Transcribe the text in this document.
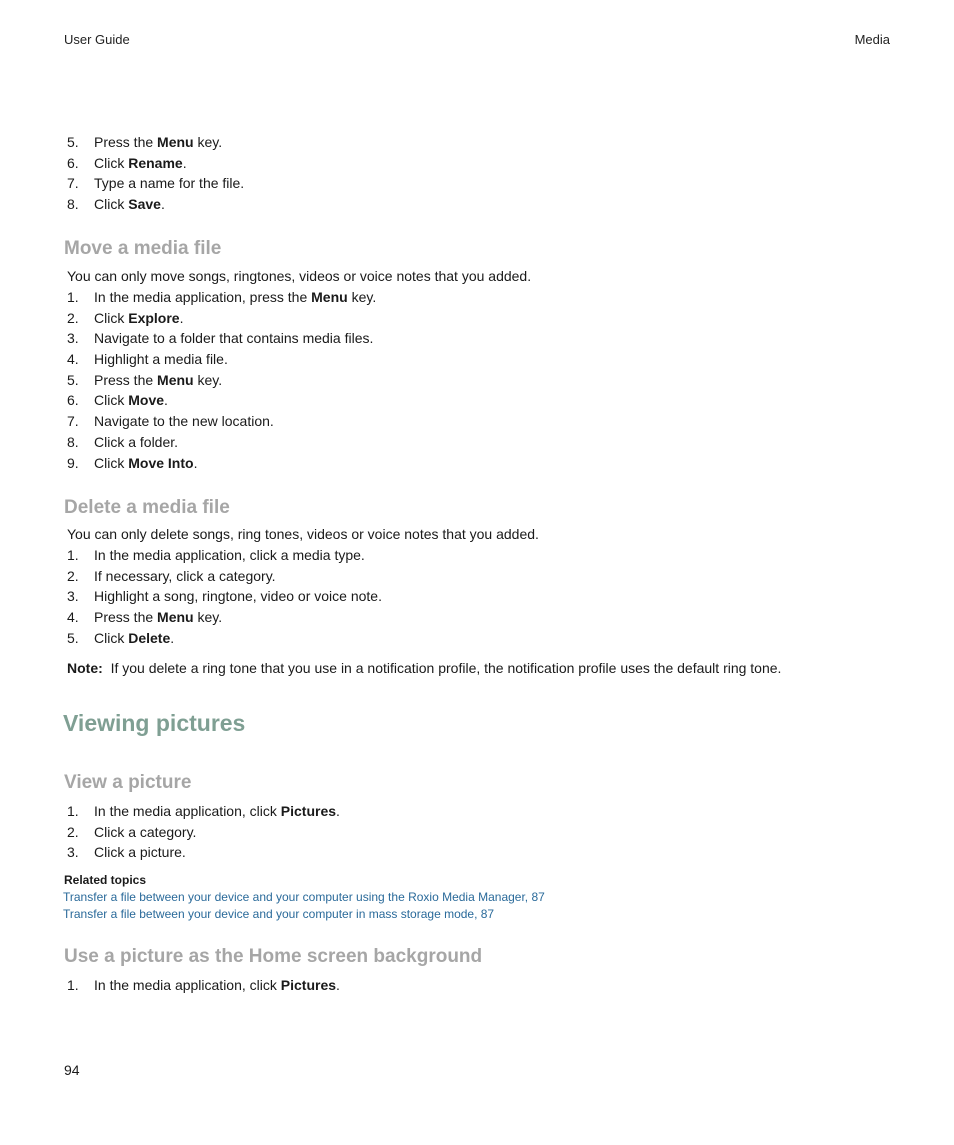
User Guide	Media
5. Press the Menu key.
6. Click Rename.
7. Type a name for the file.
8. Click Save.
Move a media file

You can only move songs, ringtones, videos or voice notes that you added.

1. In the media application, press the Menu key.
2. Click Explore.
3. Navigate to a folder that contains media files.
4. Highlight a media file.
5. Press the Menu key.
6. Click Move.
7. Navigate to the new location.
8. Click a folder.
9. Click Move Into.
Delete a media file

You can only delete songs, ring tones, videos or voice notes that you added.

1. In the media application, click a media type.
2. If necessary, click a category.
3. Highlight a song, ringtone, video or voice note.
4. Press the Menu key.
5. Click Delete.

Note: If you delete a ring tone that you use in a notification profile, the notification profile uses the default ring tone.

Viewing pictures
View a picture
1. In the media application, click Pictures.
2. Click a category.
3. Click a picture.
Related topics
Transfer a file between your device and your computer using the Roxio Media Manager, 87
Transfer a file between your device and your computer in mass storage mode, 87
Use a picture as the Home screen background
1. In the media application, click Pictures.
94
